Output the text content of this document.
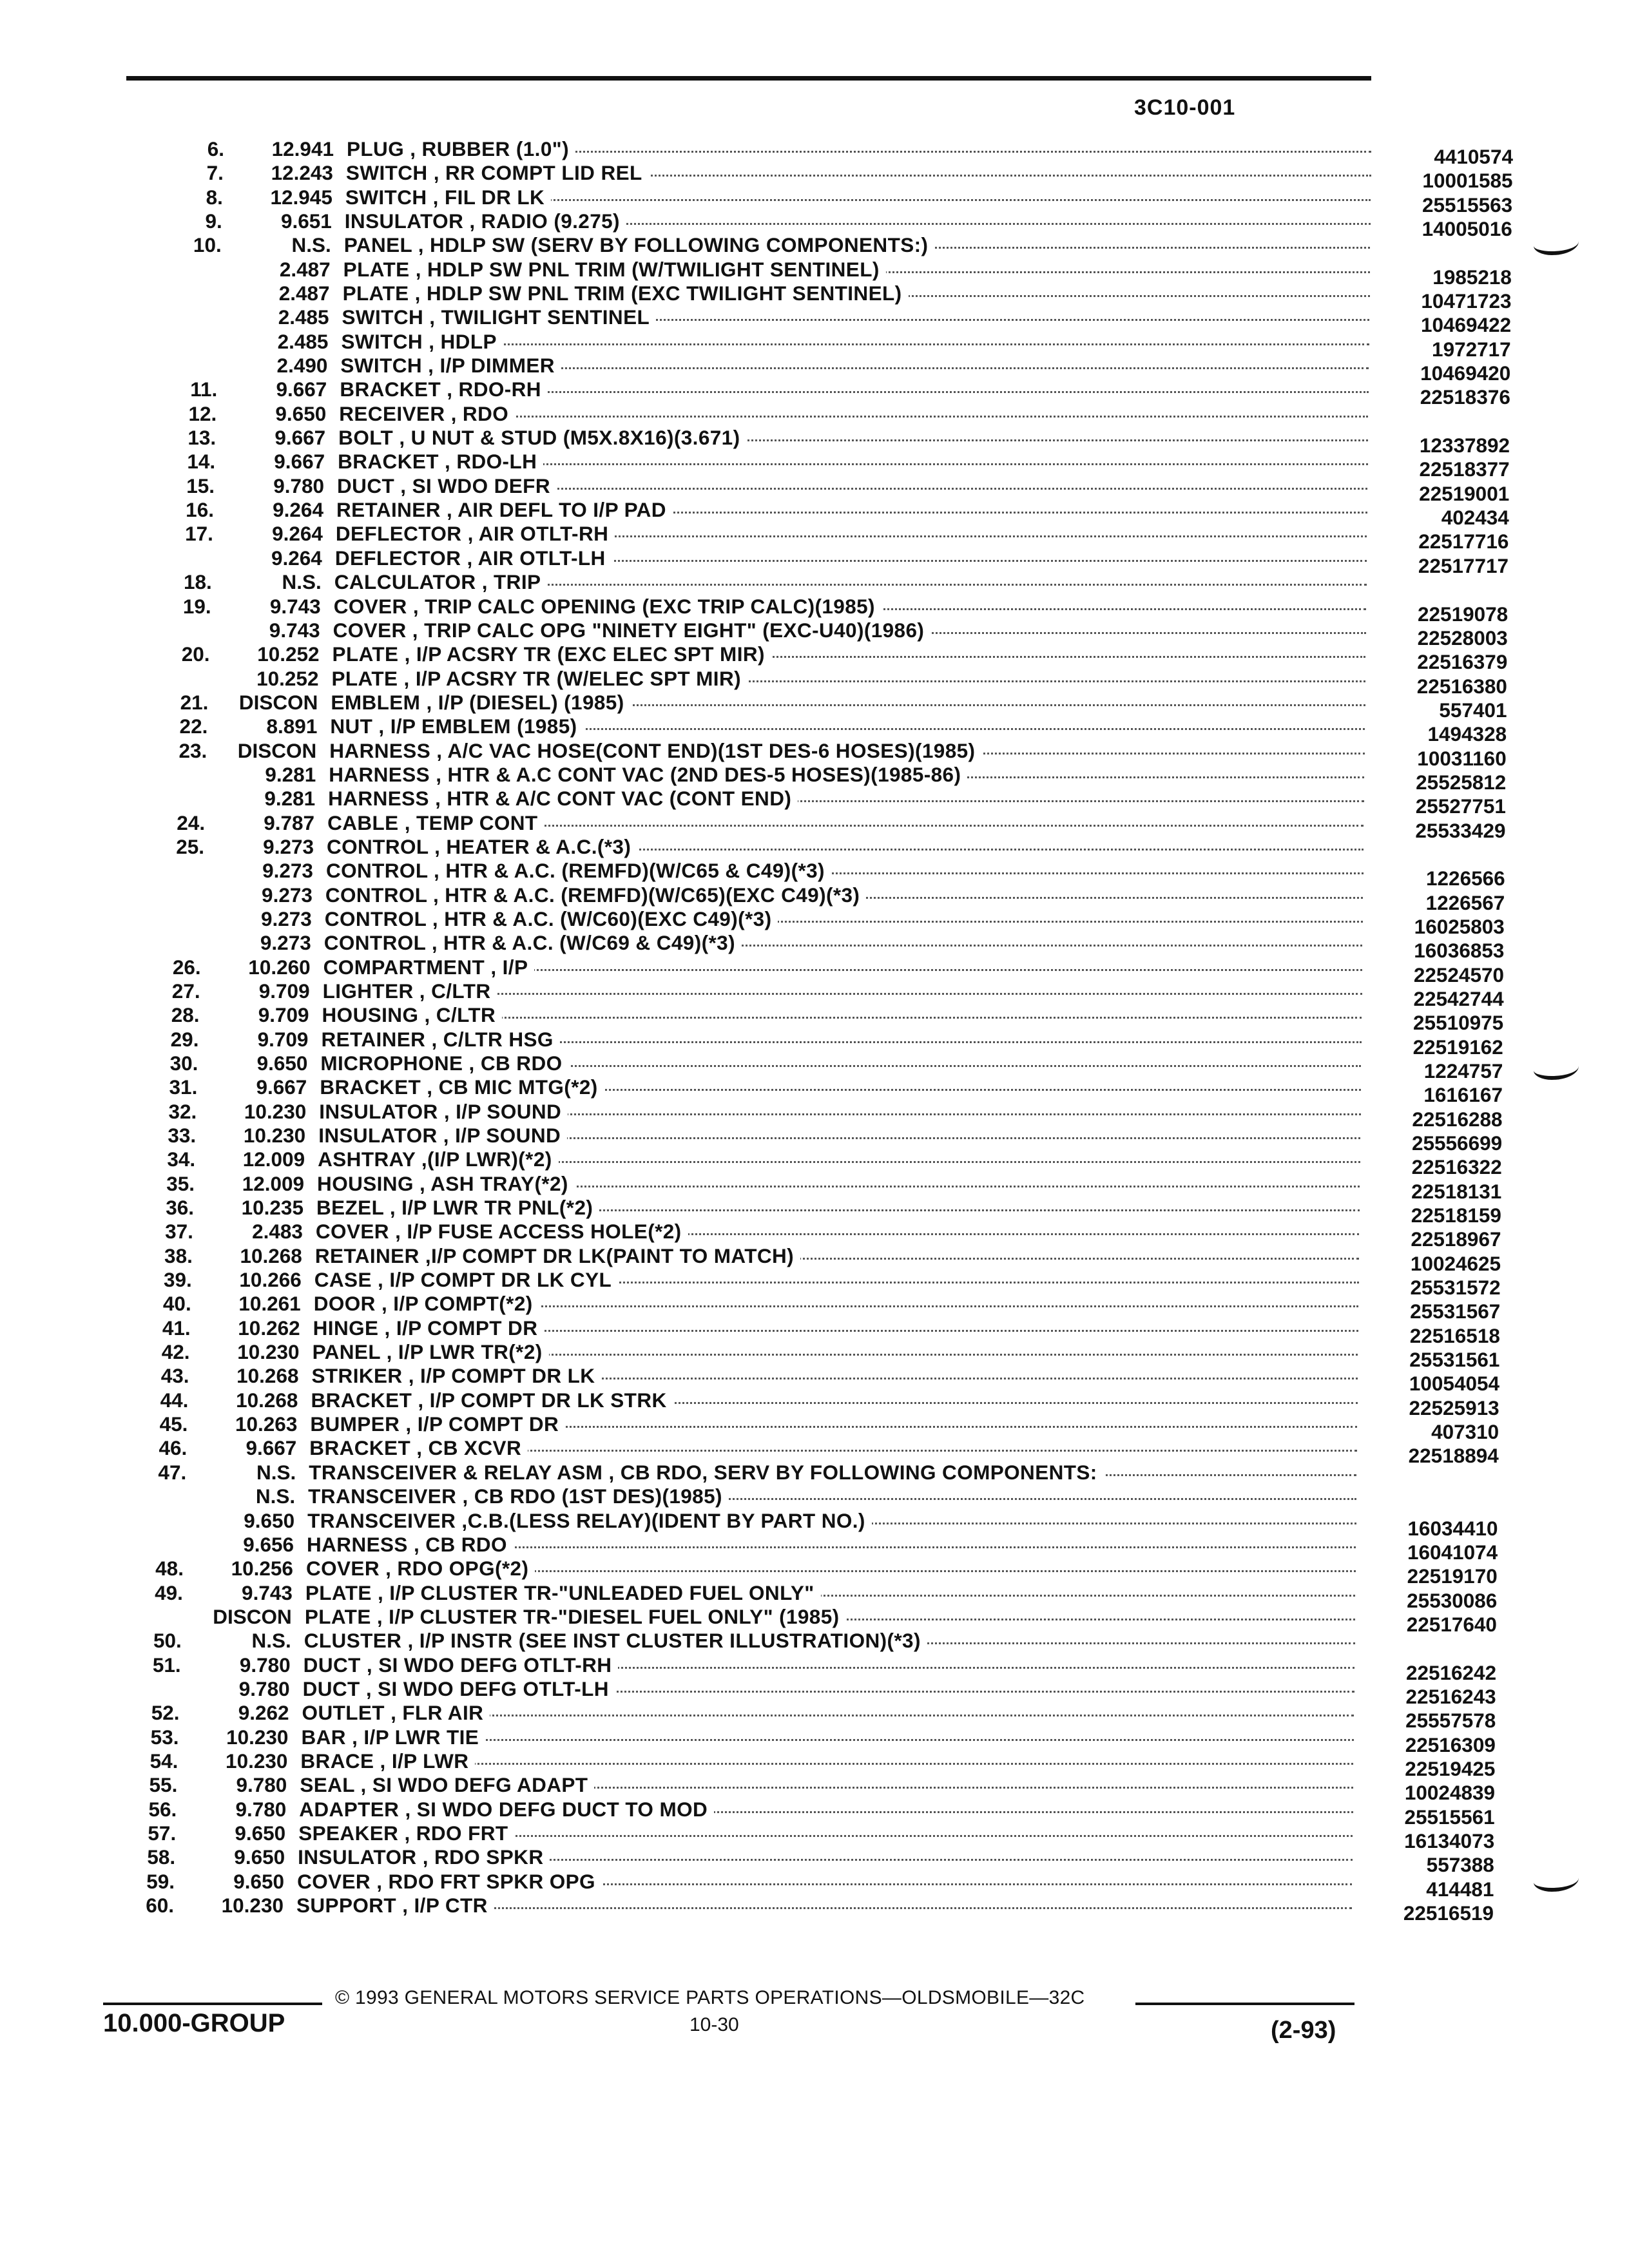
3C10-001
6.	12.941 PLUG , RUBBER (1.0")	4410574
7.	12.243 SWITCH , RR COMPT LID REL	10001585
8.	12.945 SWITCH , FIL DR LK	25515563
9.	9.651 INSULATOR , RADIO (9.275)	14005016
10.	N.S. PANEL , HDLP SW (SERV BY FOLLOWING COMPONENTS:)
2.487 PLATE , HDLP SW PNL TRIM (W/TWILIGHT SENTINEL)	1985218
2.487 PLATE , HDLP SW PNL TRIM (EXC TWILIGHT SENTINEL)	10471723
2.485 SWITCH , TWILIGHT SENTINEL	10469422
2.485 SWITCH , HDLP	1972717
2.490 SWITCH , I/P DIMMER	10469420
11.	9.667 BRACKET , RDO-RH	22518376
12.	9.650 RECEIVER , RDO
13.	9.667 BOLT , U NUT & STUD (M5X.8X16)(3.671)	12337892
14.	9.667 BRACKET , RDO-LH	22518377
15.	9.780 DUCT , SI WDO DEFR	22519001
16.	9.264 RETAINER , AIR DEFL TO I/P PAD	402434
17.	9.264 DEFLECTOR , AIR OTLT-RH	22517716
9.264 DEFLECTOR , AIR OTLT-LH	22517717
18.	N.S. CALCULATOR , TRIP
19.	9.743 COVER , TRIP CALC OPENING (EXC TRIP CALC)(1985)	22519078
9.743 COVER , TRIP CALC OPG "NINETY EIGHT" (EXC-U40)(1986)	22528003
20.	10.252 PLATE , I/P ACSRY TR (EXC ELEC SPT MIR)	22516379
10.252 PLATE , I/P ACSRY TR (W/ELEC SPT MIR)	22516380
21.	DISCON EMBLEM , I/P (DIESEL) (1985)	557401
22.	8.891 NUT , I/P EMBLEM (1985)	1494328
23.	DISCON HARNESS , A/C VAC HOSE(CONT END)(1ST DES-6 HOSES)(1985)	10031160
9.281 HARNESS , HTR & A.C CONT VAC (2ND DES-5 HOSES)(1985-86)	25525812
9.281 HARNESS , HTR & A/C CONT VAC (CONT END)	25527751
24.	9.787 CABLE , TEMP CONT	25533429
25.	9.273 CONTROL , HEATER & A.C.(*3)
9.273 CONTROL , HTR & A.C. (REMFD)(W/C65 & C49)(*3)	1226566
9.273 CONTROL , HTR & A.C. (REMFD)(W/C65)(EXC C49)(*3)	1226567
9.273 CONTROL , HTR & A.C. (W/C60)(EXC C49)(*3)	16025803
9.273 CONTROL , HTR & A.C. (W/C69 & C49)(*3)	16036853
26.	10.260 COMPARTMENT , I/P	22524570
27.	9.709 LIGHTER , C/LTR	22542744
28.	9.709 HOUSING , C/LTR	25510975
29.	9.709 RETAINER , C/LTR HSG	22519162
30.	9.650 MICROPHONE , CB RDO	1224757
31.	9.667 BRACKET , CB MIC MTG(*2)	1616167
32.	10.230 INSULATOR , I/P SOUND	22516288
33.	10.230 INSULATOR , I/P SOUND	25556699
34.	12.009 ASHTRAY ,(I/P LWR)(*2)	22516322
35.	12.009 HOUSING , ASH TRAY(*2)	22518131
36.	10.235 BEZEL , I/P LWR TR PNL(*2)	22518159
37.	2.483 COVER , I/P FUSE ACCESS HOLE(*2)	22518967
38.	10.268 RETAINER ,I/P COMPT DR LK(PAINT TO MATCH)	10024625
39.	10.266 CASE , I/P COMPT DR LK CYL	25531572
40.	10.261 DOOR , I/P COMPT(*2)	25531567
41.	10.262 HINGE , I/P COMPT DR	22516518
42.	10.230 PANEL , I/P LWR TR(*2)	25531561
43.	10.268 STRIKER , I/P COMPT DR LK	10054054
44.	10.268 BRACKET , I/P COMPT DR LK STRK	22525913
45.	10.263 BUMPER , I/P COMPT DR	407310
46.	9.667 BRACKET , CB XCVR	22518894
47.	N.S. TRANSCEIVER & RELAY ASM , CB RDO, SERV BY FOLLOWING COMPONENTS:
N.S. TRANSCEIVER , CB RDO (1ST DES)(1985)
9.650 TRANSCEIVER ,C.B.(LESS RELAY)(IDENT BY PART NO.)	16034410
9.656 HARNESS , CB RDO	16041074
48.	10.256 COVER , RDO OPG(*2)	22519170
49.	9.743 PLATE , I/P CLUSTER TR-"UNLEADED FUEL ONLY"	25530086
DISCON PLATE , I/P CLUSTER TR-"DIESEL FUEL ONLY" (1985)	22517640
50.	N.S. CLUSTER , I/P INSTR (SEE INST CLUSTER ILLUSTRATION)(*3)
51.	9.780 DUCT , SI WDO DEFG OTLT-RH	22516242
9.780 DUCT , SI WDO DEFG OTLT-LH	22516243
52.	9.262 OUTLET , FLR AIR	25557578
53.	10.230 BAR , I/P LWR TIE	22516309
54.	10.230 BRACE , I/P LWR	22519425
55.	9.780 SEAL , SI WDO DEFG ADAPT	10024839
56.	9.780 ADAPTER , SI WDO DEFG DUCT TO MOD	25515561
57.	9.650 SPEAKER , RDO FRT	16134073
58.	9.650 INSULATOR , RDO SPKR	557388
59.	9.650 COVER , RDO FRT SPKR OPG	414481
60.	10.230 SUPPORT , I/P CTR	22516519
10.000-GROUP
© 1993 GENERAL MOTORS SERVICE PARTS OPERATIONS—OLDSMOBILE—32C
10-30	(2-93)
